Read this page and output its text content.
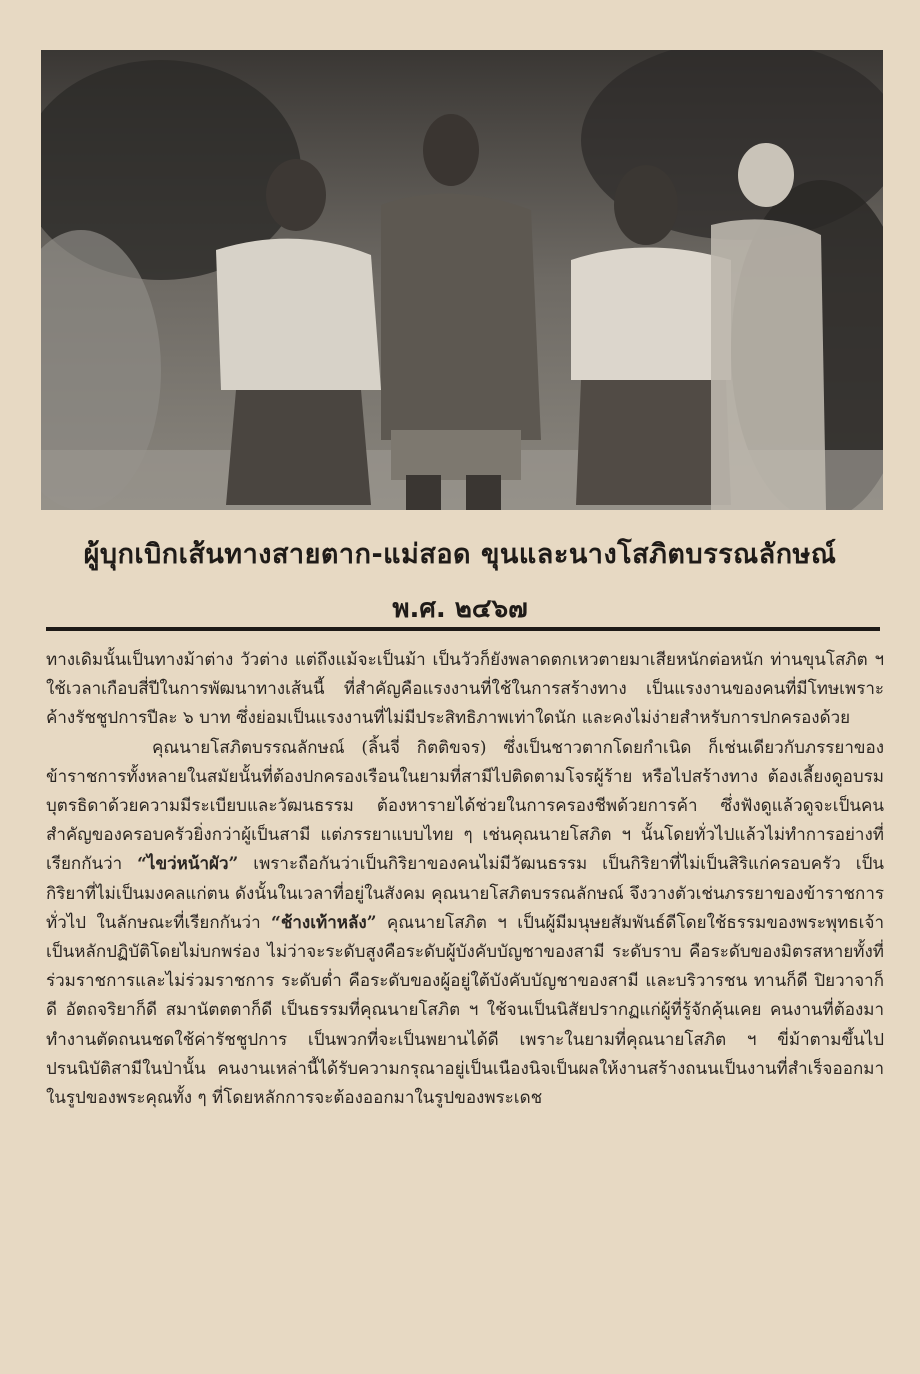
ผู้บุกเบิกเส้นทางสายตาก-แม่สอด ขุนและนางโสภิตบรรณลักษณ์
พ.ศ. ๒๔๖๗

ทางเดิมนั้นเป็นทางม้าต่าง วัวต่าง แต่ถึงแม้จะเป็นม้า เป็นวัวก็ยังพลาดตกเหวตายมาเสียหนักต่อหนัก ท่านขุนโสภิต ฯ ใช้เวลาเกือบสี่ปีในการพัฒนาทางเส้นนี้ ที่สำคัญคือแรงงานที่ใช้ในการสร้างทาง เป็นแรงงานของคนที่มีโทษเพราะค้างรัชชูปการปีละ ๖ บาท ซึ่งย่อมเป็นแรงงานที่ไม่มีประสิทธิภาพเท่าใดนัก และคงไม่ง่ายสำหรับการปกครองด้วย

คุณนายโสภิตบรรณลักษณ์ (ลิ้นจี่ กิตติขจร) ซึ่งเป็นชาวตากโดยกำเนิด ก็เช่นเดียวกับภรรยาของข้าราชการทั้งหลายในสมัยนั้นที่ต้องปกครองเรือนในยามที่สามีไปติดตามโจรผู้ร้าย หรือไปสร้างทาง ต้องเลี้ยงดูอบรมบุตรธิดาด้วยความมีระเบียบและวัฒนธรรม ต้องหารายได้ช่วยในการครองชีพด้วยการค้า ซึ่งฟังดูแล้วดูจะเป็นคนสำคัญของครอบครัวยิ่งกว่าผู้เป็นสามี แต่ภรรยาแบบไทย ๆ เช่นคุณนายโสภิต ฯ นั้นโดยทั่วไปแล้วไม่ทำการอย่างที่เรียกกันว่า “ไขว่หน้าผัว” เพราะถือกันว่าเป็นกิริยาของคนไม่มีวัฒนธรรม เป็นกิริยาที่ไม่เป็นสิริแก่ครอบครัว เป็นกิริยาที่ไม่เป็นมงคลแก่ตน ดังนั้นในเวลาที่อยู่ในสังคม คุณนายโสภิตบรรณลักษณ์ จึงวางตัวเช่นภรรยาของข้าราชการทั่วไป ในลักษณะที่เรียกกันว่า “ช้างเท้าหลัง” คุณนายโสภิต ฯ เป็นผู้มีมนุษยสัมพันธ์ดีโดยใช้ธรรมของพระพุทธเจ้าเป็นหลักปฏิบัติโดยไม่บกพร่อง ไม่ว่าจะระดับสูงคือระดับผู้บังคับบัญชาของสามี ระดับราบ คือระดับของมิตรสหายทั้งที่ร่วมราชการและไม่ร่วมราชการ ระดับต่ำ คือระดับของผู้อยู่ใต้บังคับบัญชาของสามี และบริวารชน ทานก็ดี ปิยวาจาก็ดี อัตถจริยาก็ดี สมานัตตตาก็ดี เป็นธรรมที่คุณนายโสภิต ฯ ใช้จนเป็นนิสัยปรากฏแก่ผู้ที่รู้จักคุ้นเคย คนงานที่ต้องมาทำงานตัดถนนชดใช้ค่ารัชชูปการ เป็นพวกที่จะเป็นพยานได้ดี เพราะในยามที่คุณนายโสภิต ฯ ขี่ม้าตามขึ้นไปปรนนิบัติสามีในป่านั้น คนงานเหล่านี้ได้รับความกรุณาอยู่เป็นเนืองนิจเป็นผลให้งานสร้างถนนเป็นงานที่สำเร็จออกมาในรูปของพระคุณทั้ง ๆ ที่โดยหลักการจะต้องออกมาในรูปของพระเดช
